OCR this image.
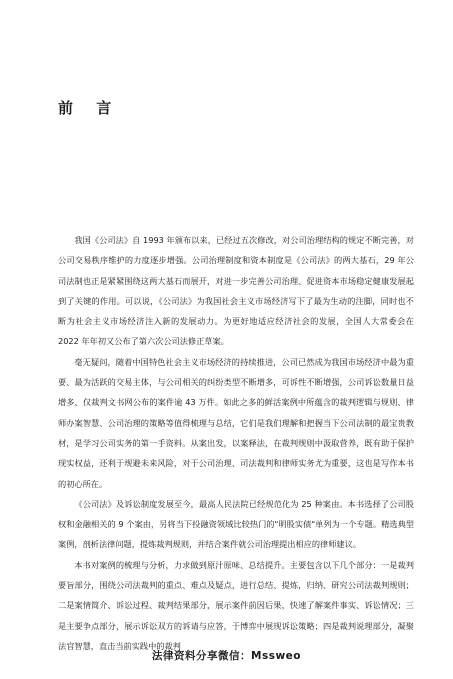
前 言

我国《公司法》自 1993 年颁布以来，已经过五次修改，对公司治理结构的规定不断完善，对公司交易秩序维护的力度逐步增强。公司治理制度和资本制度是《公司法》的两大基石，29 年公司法制也正是紧紧围绕这两大基石而展开，对进一步完善公司治理、促进资本市场稳定健康发展起到了关键的作用。可以说，《公司法》为我国社会主义市场经济写下了最为生动的注脚，同时也不断为社会主义市场经济注入新的发展动力。为更好地适应经济社会的发展，全国人大常委会在 2022 年年初又公布了第六次公司法修正草案。

毫无疑问，随着中国特色社会主义市场经济的持续推进，公司已然成为我国市场经济中最为重要、最为活跃的交易主体，与公司相关的纠纷类型不断增多，可诉性不断增强，公司诉讼数量日益增多，仅裁判文书网公布的案件逾 43 万件。如此之多的鲜活案例中所蕴含的裁判逻辑与规则、律师办案智慧、公司治理的策略等值得梳理与总结，它们是我们理解和把握当下公司法制的最宝贵教材，是学习公司实务的第一手资料。从案出发，以案释法，在裁判规则中汲取营养，既有助于保护现实权益，还利于规避未来风险，对于公司治理、司法裁判和律师实务尤为重要，这也是写作本书的初心所在。

《公司法》及诉讼制度发展至今，最高人民法院已经规范化为 25 种案由。本书选择了公司股权和金融相关的 9 个案由，另将当下投融资领域比较热门的"明股实债"单列为一个专题。精选典型案例，剖析法律问题，提炼裁判规则，并结合案件就公司治理提出相应的律师建议。

本书对案例的梳理与分析，力求做到原汁原味、总结提升。主要包含以下几个部分：一是裁判要旨部分，围绕公司法裁判的重点、难点及疑点，进行总结、提炼，归纳、研究公司法裁判规则；二是案情简介、诉讼过程、裁判结果部分，展示案件前因后果，快速了解案件事实、诉讼情况；三是主要争点部分，展示诉讼双方的诉请与应答，于博弈中展现诉讼策略；四是裁判说理部分，凝聚法官智慧，直击当前实践中的裁判

法律资料分享微信：Mssweo
